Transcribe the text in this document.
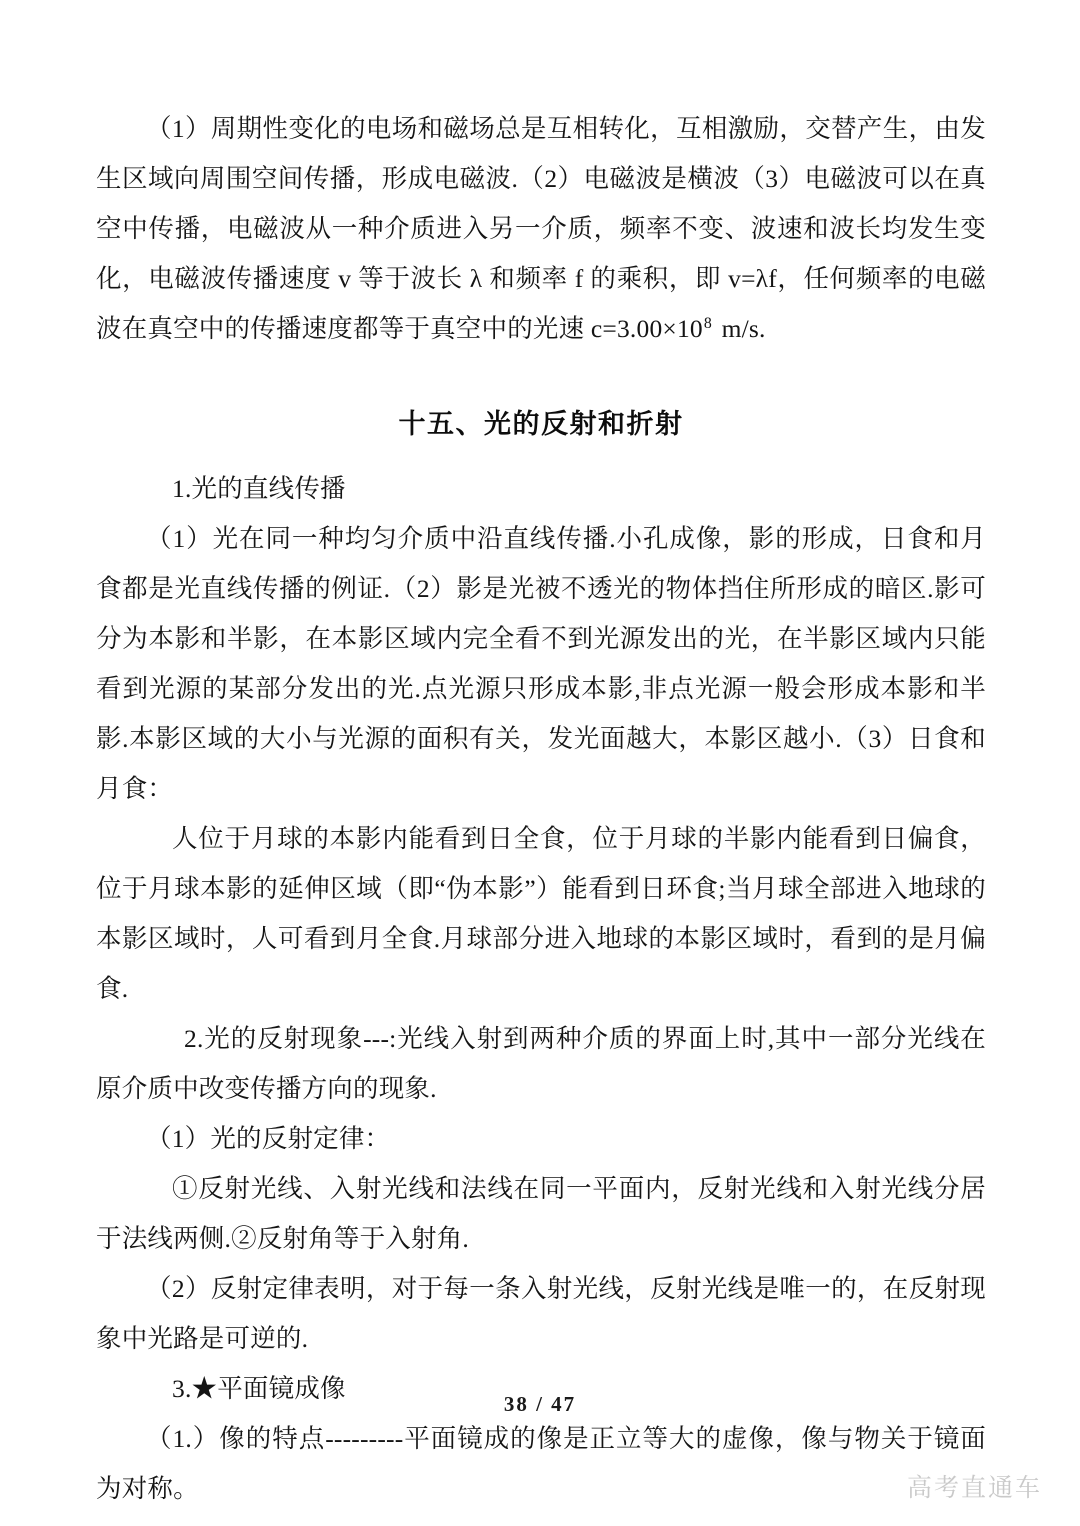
（1）周期性变化的电场和磁场总是互相转化，互相激励，交替产生，由发生区域向周围空间传播，形成电磁波.（2）电磁波是横波（3）电磁波可以在真空中传播，电磁波从一种介质进入另一介质，频率不变、波速和波长均发生变化，电磁波传播速度 v 等于波长 λ 和频率 f 的乘积，即 v=λf，任何频率的电磁波在真空中的传播速度都等于真空中的光速 $c=3.00\times 10^8$ m/s.

十五、光的反射和折射

1.光的直线传播

（1）光在同一种均匀介质中沿直线传播.小孔成像，影的形成，日食和月食都是光直线传播的例证.（2）影是光被不透光的物体挡住所形成的暗区.影可分为本影和半影，在本影区域内完全看不到光源发出的光，在半影区域内只能看到光源的某部分发出的光.点光源只形成本影,非点光源一般会形成本影和半影.本影区域的大小与光源的面积有关，发光面越大，本影区越小.（3）日食和月食：

人位于月球的本影内能看到日全食，位于月球的半影内能看到日偏食，位于月球本影的延伸区域（即“伪本影”）能看到日环食;当月球全部进入地球的本影区域时，人可看到月全食.月球部分进入地球的本影区域时，看到的是月偏食.

2.光的反射现象---:光线入射到两种介质的界面上时,其中一部分光线在原介质中改变传播方向的现象.

（1）光的反射定律：

①反射光线、入射光线和法线在同一平面内，反射光线和入射光线分居于法线两侧.②反射角等于入射角.

（2）反射定律表明，对于每一条入射光线，反射光线是唯一的，在反射现象中光路是可逆的.

3.★平面镜成像

（1.）像的特点---------平面镜成的像是正立等大的虚像，像与物关于镜面为对称。

38 / 47
高考直通车
